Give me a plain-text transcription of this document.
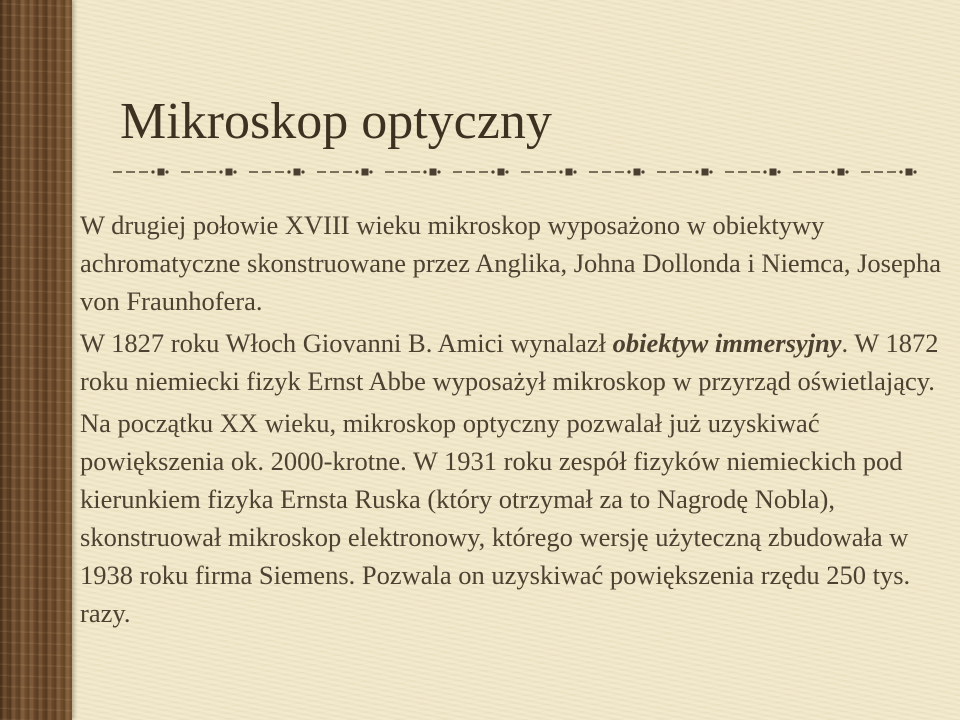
Mikroskop optyczny

W drugiej połowie XVIII wieku mikroskop wyposażono w obiektywy achromatyczne skonstruowane przez Anglika, Johna Dollonda i Niemca, Josepha von Fraunhofera.

W 1827 roku Włoch Giovanni B. Amici wynalazł obiektyw immersyjny. W 1872 roku niemiecki fizyk Ernst Abbe wyposażył mikroskop w przyrząd oświetlający.

Na początku XX wieku, mikroskop optyczny pozwalał już uzyskiwać powiększenia ok. 2000-krotne. W 1931 roku zespół fizyków niemieckich pod kierunkiem fizyka Ernsta Ruska (który otrzymał za to Nagrodę Nobla), skonstruował mikroskop elektronowy, którego wersję użyteczną zbudowała w 1938 roku firma Siemens. Pozwala on uzyskiwać powiększenia rzędu 250 tys. razy.
